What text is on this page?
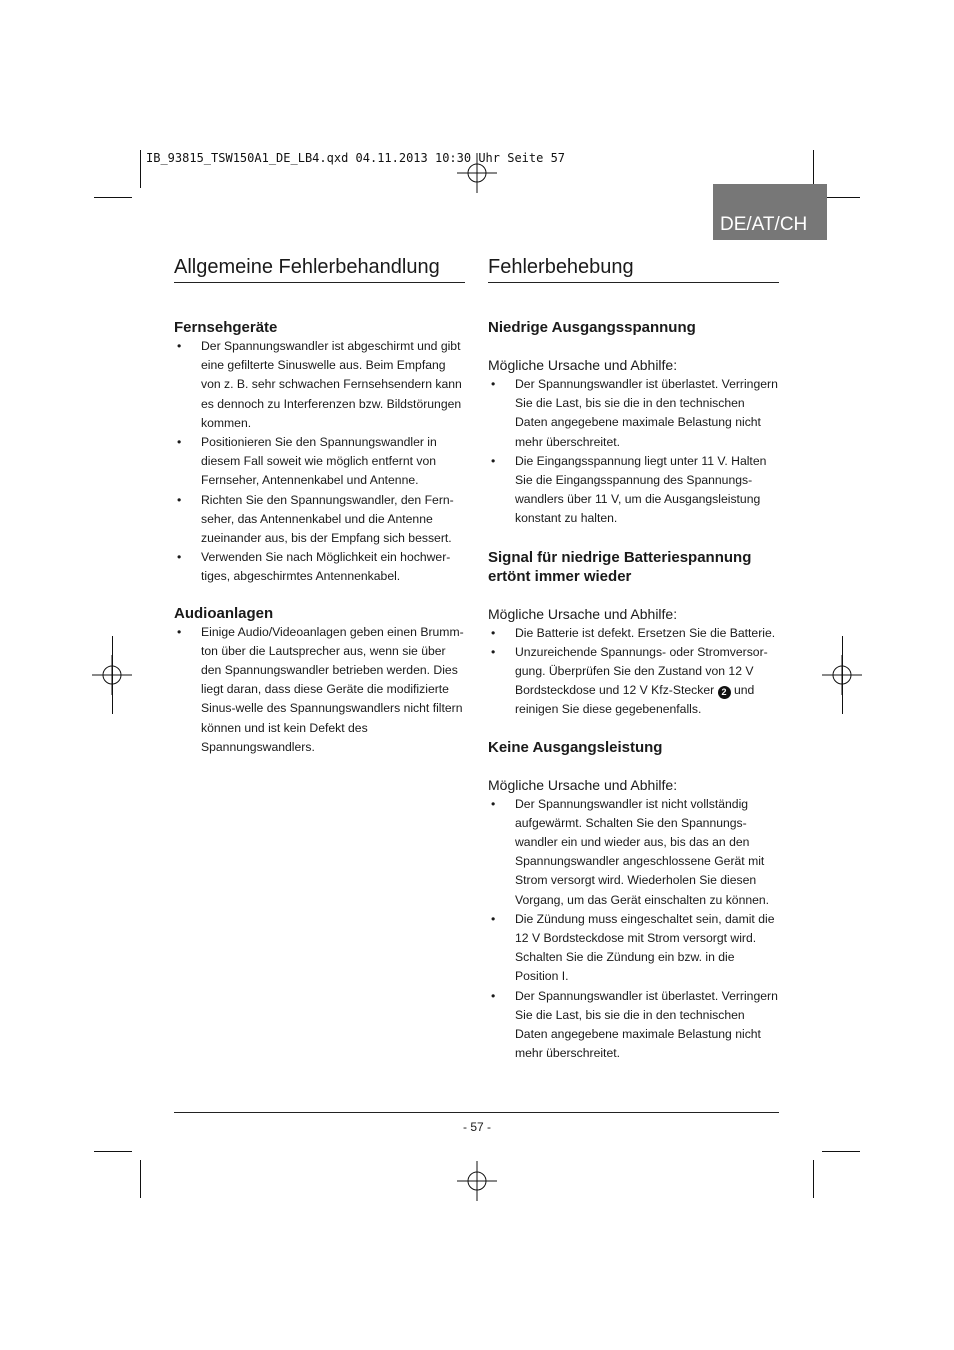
IB_93815_TSW150A1_DE_LB4.qxd 04.11.2013 10:30 Uhr Seite 57
DE/AT/CH
Allgemeine Fehlerbehandlung
Fernsehgeräte
• Der Spannungswandler ist abgeschirmt und gibt eine gefilterte Sinuswelle aus. Beim Empfang von z. B. sehr schwachen Fernsehsendern kann es dennoch zu Interferenzen bzw. Bildstörungen kommen.
• Positionieren Sie den Spannungswandler in diesem Fall soweit wie möglich entfernt von Fernseher, Antennenkabel und Antenne.
• Richten Sie den Spannungswandler, den Fern-seher, das Antennenkabel und die Antenne zueinander aus, bis der Empfang sich bessert.
• Verwenden Sie nach Möglichkeit ein hochwer-tiges, abgeschirmtes Antennenkabel.
Audioanlagen
• Einige Audio/Videoanlagen geben einen Brumm-ton über die Lautsprecher aus, wenn sie über den Spannungswandler betrieben werden. Dies liegt daran, dass diese Geräte die modifizierte Sinus-welle des Spannungswandlers nicht filtern können und ist kein Defekt des Spannungswandlers.
Fehlerbehebung
Niedrige Ausgangsspannung
Mögliche Ursache und Abhilfe:
• Der Spannungswandler ist überlastet. Verringern Sie die Last, bis sie die in den technischen Daten angegebene maximale Belastung nicht mehr überschreitet.
• Die Eingangsspannung liegt unter 11 V. Halten Sie die Eingangsspannung des Spannungs-wandlers über 11 V, um die Ausgangsleistung konstant zu halten.
Signal für niedrige Batteriespannung ertönt immer wieder
Mögliche Ursache und Abhilfe:
• Die Batterie ist defekt. Ersetzen Sie die Batterie.
• Unzureichende Spannungs- oder Stromversor-gung. Überprüfen Sie den Zustand von 12 V Bordsteckdose und 12 V Kfz-Stecker 2 und reinigen Sie diese gegebenenfalls.
Keine Ausgangsleistung
Mögliche Ursache und Abhilfe:
• Der Spannungswandler ist nicht vollständig aufgewärmt. Schalten Sie den Spannungs-wandler ein und wieder aus, bis das an den Spannungswandler angeschlossene Gerät mit Strom versorgt wird. Wiederholen Sie diesen Vorgang, um das Gerät einschalten zu können.
• Die Zündung muss eingeschaltet sein, damit die 12 V Bordsteckdose mit Strom versorgt wird. Schalten Sie die Zündung ein bzw. in die Position I.
• Der Spannungswandler ist überlastet. Verringern Sie die Last, bis sie die in den technischen Daten angegebene maximale Belastung nicht mehr überschreitet.
- 57 -
